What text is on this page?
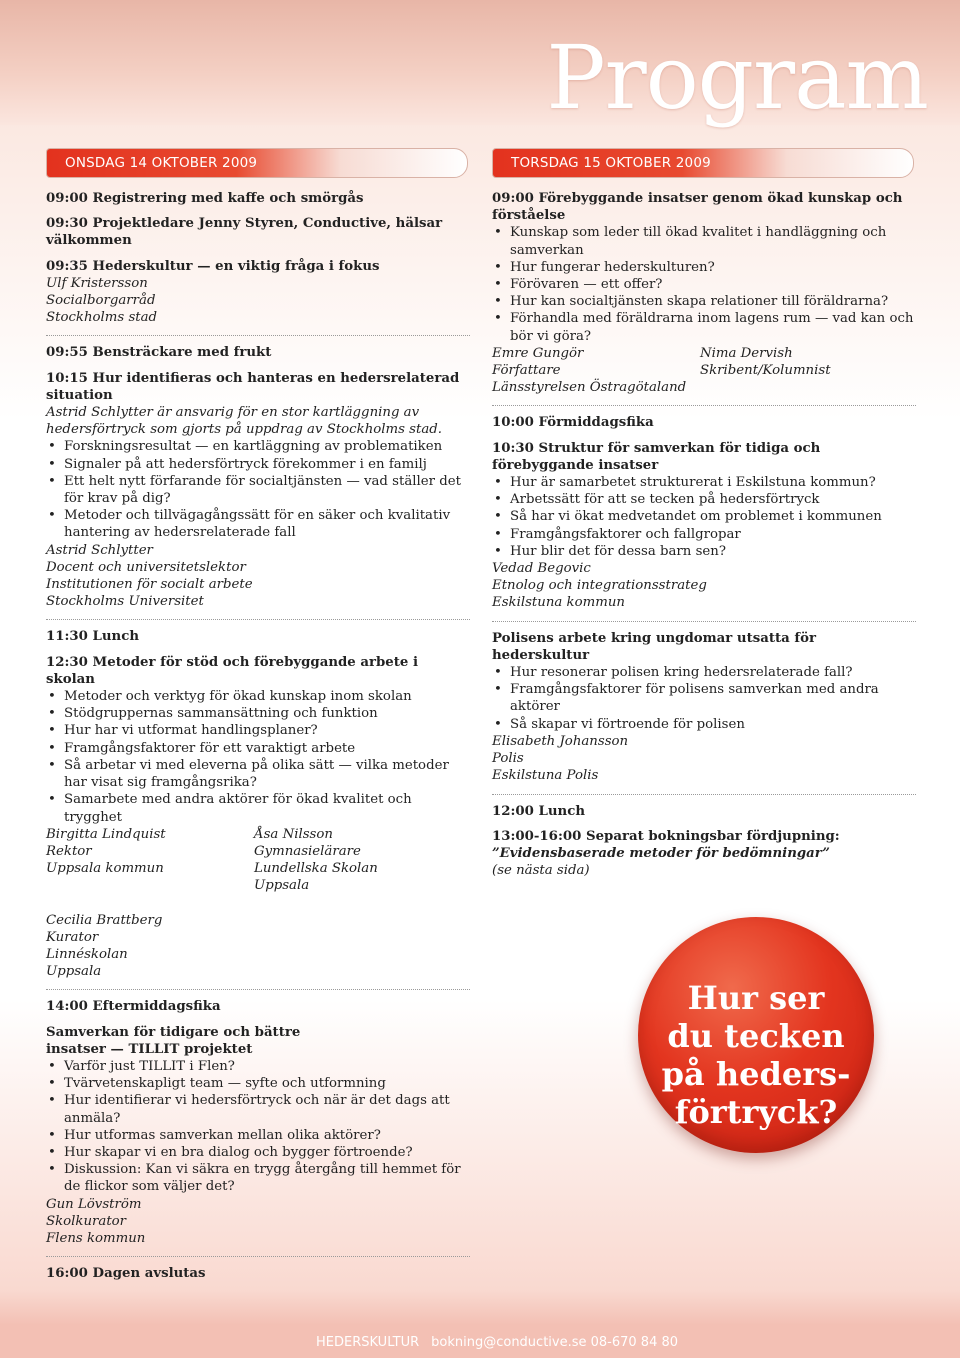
Program
ONSDAG 14 OKTOBER 2009	TORSDAG 15 OKTOBER 2009

09:00 Registrering med kaffe och smörgås

09:30 Projektledare Jenny Styren, Conductive, hälsar välkommen

09:35 Hederskultur — en viktig fråga i fokus

Ulf Kristersson

Socialborgarråd

Stockholms stad

09:55 Bensträckare med frukt

10:15 Hur identifieras och hanteras en hedersrelaterad situation

Astrid Schlytter är ansvarig för en stor kartläggning av hedersförtryck som gjorts på uppdrag av Stockholms stad.

• Forskningsresultat — en kartläggning av problematiken
• Signaler på att hedersförtryck förekommer i en familj
• Ett helt nytt förfarande för socialtjänsten — vad ställer det för krav på dig?
• Metoder och tillvägagångssätt för en säker och kvalitativ hantering av hedersrelaterade fall

Astrid Schlytter

Docent och universitetslektor

Institutionen för socialt arbete

Stockholms Universitet

11:30 Lunch

12:30 Metoder för stöd och förebyggande arbete i skolan

• Metoder och verktyg för ökad kunskap inom skolan
• Stödgruppernas sammansättning och funktion
• Hur har vi utformat handlingsplaner?
• Framgångsfaktorer för ett varaktigt arbete
• Så arbetar vi med eleverna på olika sätt — vilka metoder har visat sig framgångsrika?
• Samarbete med andra aktörer för ökad kvalitet och trygghet

Birgitta Lindquist

Rektor

Uppsala kommun

Åsa Nilsson

Gymnasielärare

Lundellska Skolan

Uppsala

Cecilia Brattberg

Kurator

Linnéskolan

Uppsala

14:00 Eftermiddagsfika

Samverkan för tidigare och bättre insatser — TILLIT projektet

• Varför just TILLIT i Flen?
• Tvärvetenskapligt team — syfte och utformning
• Hur identifierar vi hedersförtryck och när är det dags att anmäla?
• Hur utformas samverkan mellan olika aktörer?
• Hur skapar vi en bra dialog och bygger förtroende?
• Diskussion: Kan vi säkra en trygg återgång till hemmet för de flickor som väljer det?

Gun Lövström

Skolkurator

Flens kommun

16:00 Dagen avslutas

09:00 Förebyggande insatser genom ökad kunskap och förståelse

• Kunskap som leder till ökad kvalitet i handläggning och samverkan
• Hur fungerar hederskulturen?
• Förövaren — ett offer?
• Hur kan socialtjänsten skapa relationer till föräldrarna?
• Förhandla med föräldrarna inom lagens rum — vad kan och bör vi göra?

Emre Gungör

Författare

Nima Dervish

Skribent/Kolumnist

Länsstyrelsen Östragötaland

10:00 Förmiddagsfika

10:30 Struktur för samverkan för tidiga och förebyggande insatser

• Hur är samarbetet strukturerat i Eskilstuna kommun?
• Arbetssätt för att se tecken på hedersförtryck
• Så har vi ökat medvetandet om problemet i kommunen
• Framgångsfaktorer och fallgropar
• Hur blir det för dessa barn sen?

Vedad Begovic

Etnolog och integrationsstrateg

Eskilstuna kommun

Polisens arbete kring ungdomar utsatta för hederskultur

• Hur resonerar polisen kring hedersrelaterade fall?
• Framgångsfaktorer för polisens samverkan med andra aktörer
• Så skapar vi förtroende för polisen

Elisabeth Johansson

Polis

Eskilstuna Polis

12:00 Lunch

13:00-16:00 Separat bokningsbar fördjupning:

”Evidensbaserade metoder för bedömningar”

(se nästa sida)

Hur ser
du tecken
på heders-
förtryck?
HEDERSKULTUR bokning@conductive.se 08-670 84 80
